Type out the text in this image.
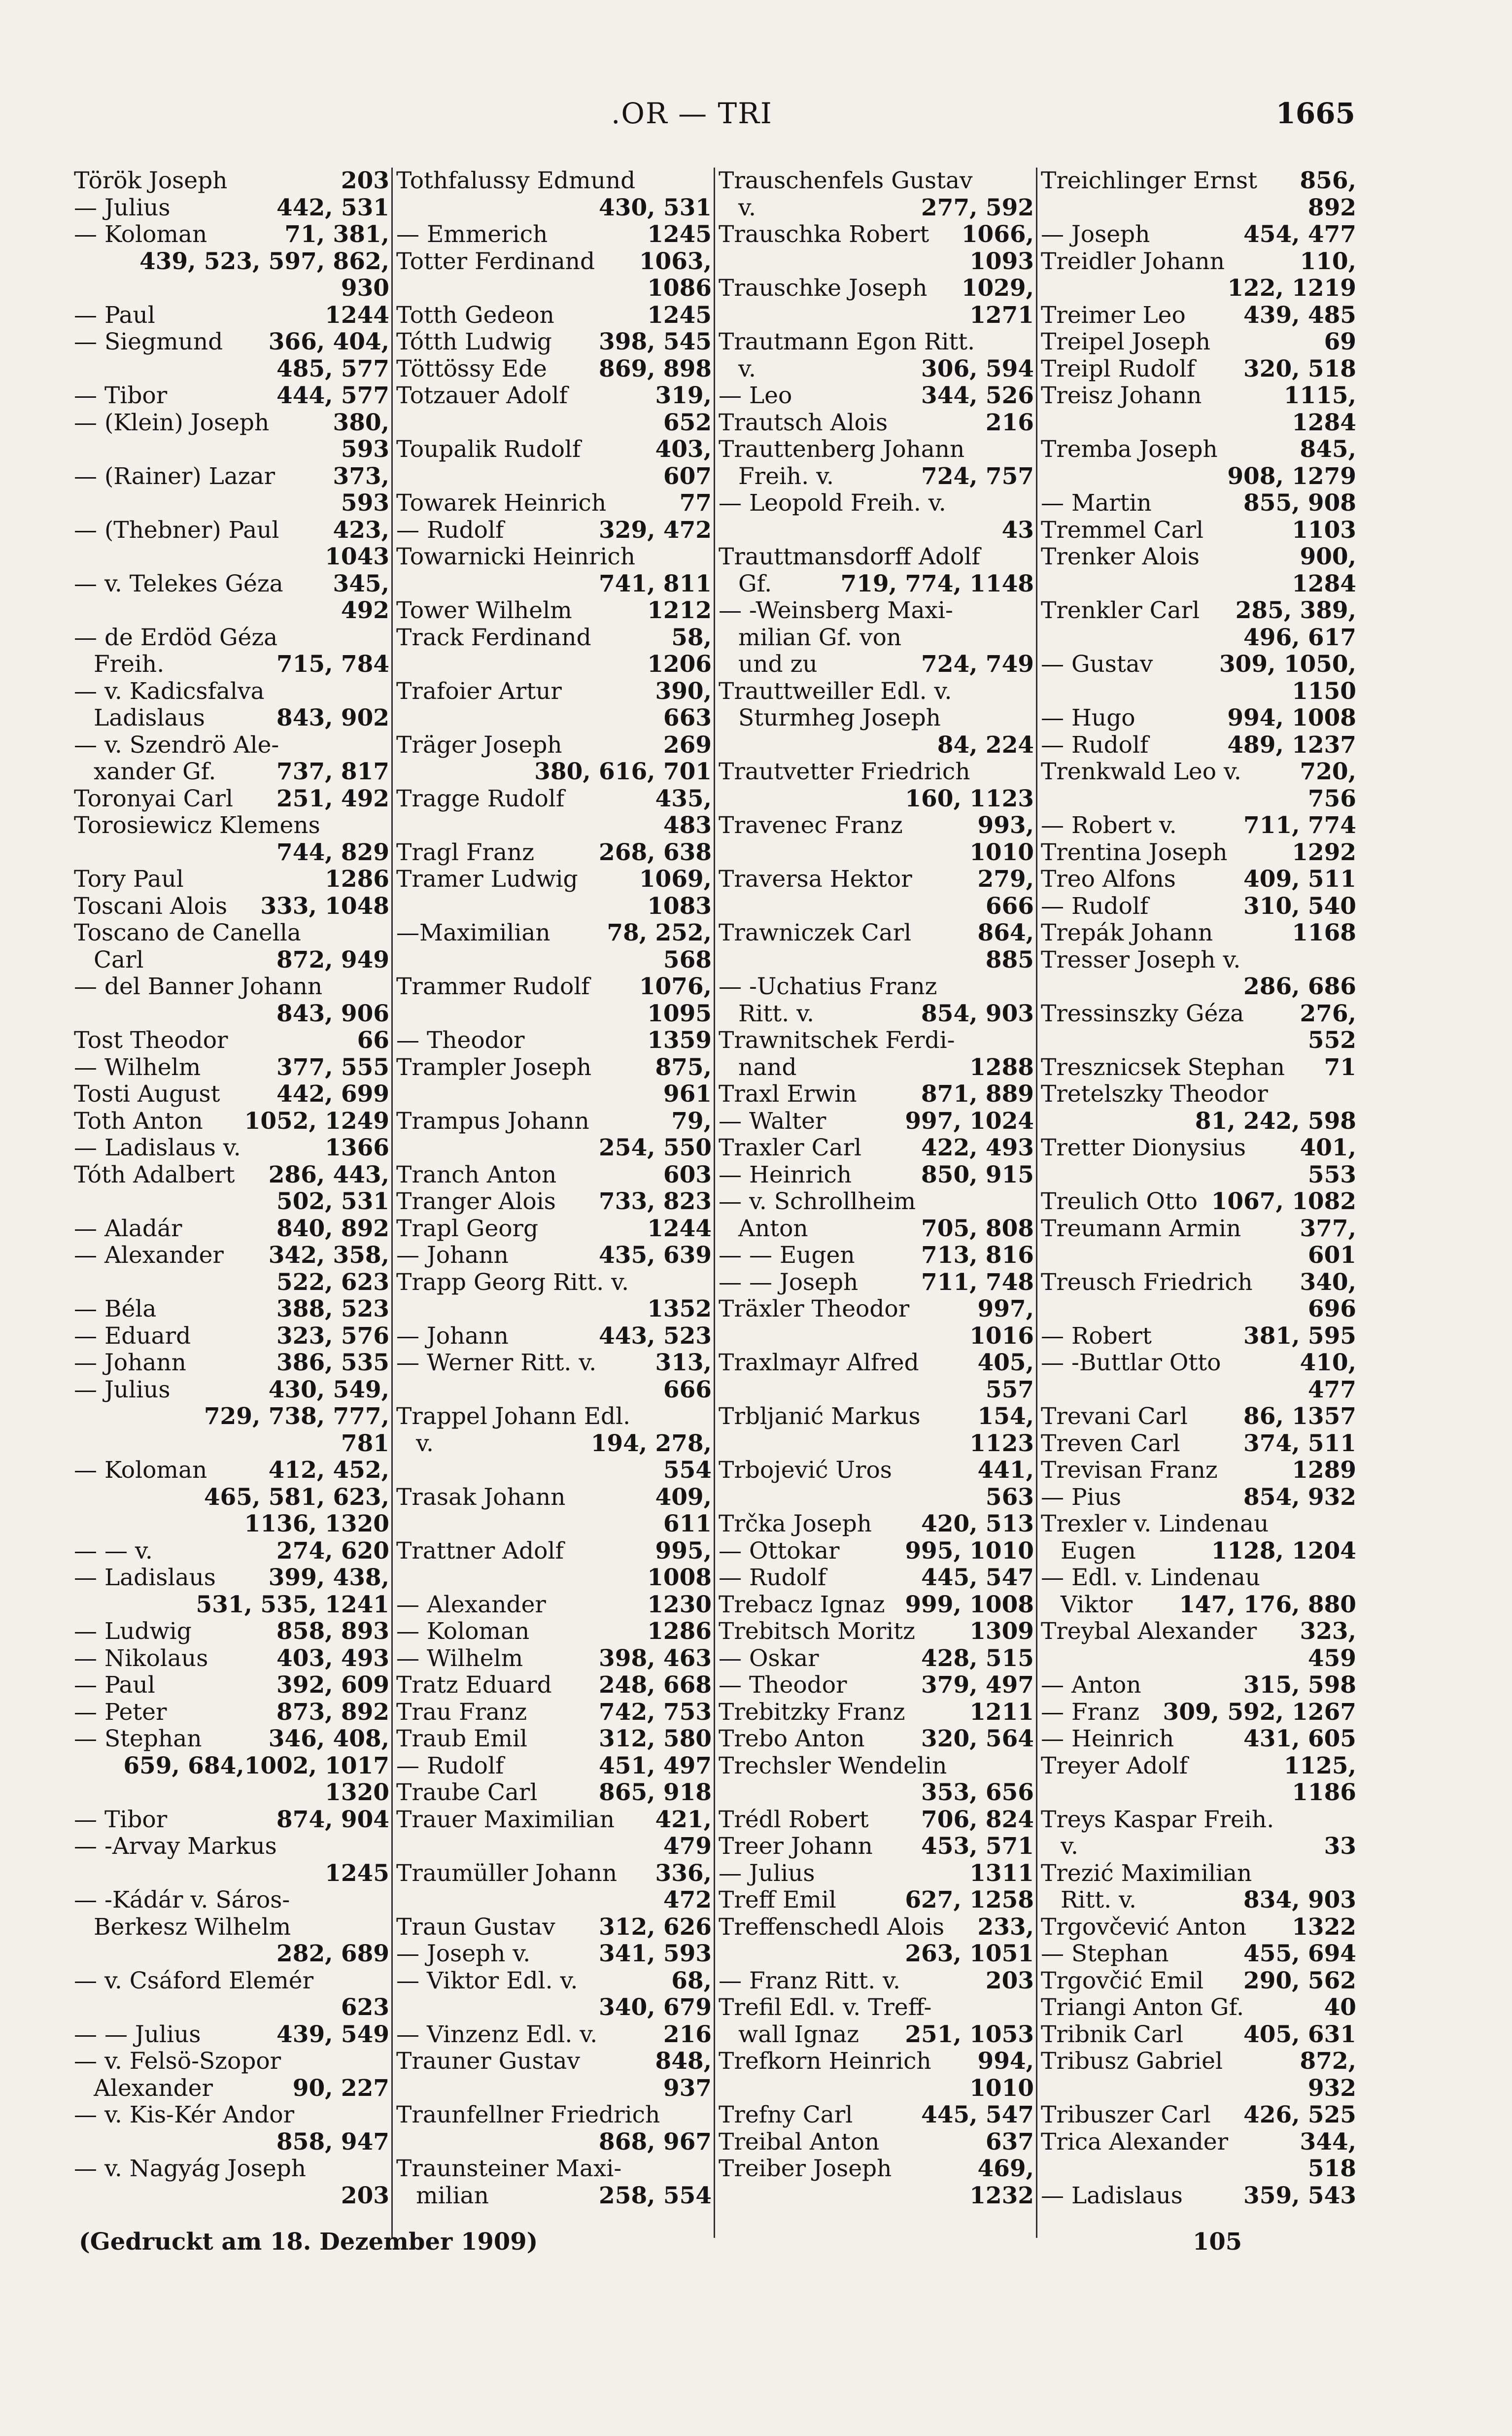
.OR — TRI	1665
Török Joseph	203
— Julius	442, 531
— Koloman	71, 381,
439, 523, 597, 862,
930
— Paul	1244
— Siegmund 366, 404,
485, 577
— Tibor	444, 577
— (Klein) Joseph	380,
593
— (Rainer) Lazar 373,
593
— (Thebner) Paul 423,
1043
— v. Telekes Géza 345,
492
— de Erdöd Géza
Freih.	715, 784
— v. Kadicsfalva
Ladislaus	843, 902
— v. Szendrö Ale-
xander Gf.	737, 817
Toronyai Carl 251, 492
Torosiewicz Klemens
744, 829
Tory Paul	1286
Toscani Alois 333, 1048
Toscano de Canella
Carl	872, 949
— del Banner Johann
843, 906
Tost Theodor	66
— Wilhelm	377, 555
Tosti August 442, 699
Toth Anton 1052, 1249
— Ladislaus v.	1366
Tóth Adalbert 286, 443,
502, 531
— Aladár	840, 892
— Alexander 342, 358,
522, 623
— Béla	388, 523
— Eduard	323, 576
— Johann	386, 535
— Julius	430, 549,
729, 738, 777,
781
— Koloman	412, 452,
465, 581, 623,
1136, 1320
— — v.	274, 620
— Ladislaus 399, 438,
531, 535, 1241
— Ludwig	858, 893
— Nikolaus	403, 493
— Paul	392, 609
— Peter	873, 892
— Stephan	346, 408,
659, 684,1002, 1017
1320
— Tibor	874, 904
— -Arvay Markus
1245
— -Kádár v. Sáros-
Berkesz Wilhelm
282, 689
— v. Csáford Elemér
623
— — Julius	439, 549
— v. Felsö-Szopor
Alexander	90, 227
— v. Kis-Kér Andor
858, 947
— v. Nagyág Joseph
203
Tothfalussy Edmund
430, 531
— Emmerich	1245
Totter Ferdinand 1063,
1086
Totth Gedeon	1245
Tótth Ludwig 398, 545
Töttössy Ede 869, 898
Totzauer Adolf	319,
652
Toupalik Rudolf	403,
607
Towarek Heinrich	77
— Rudolf	329, 472
Towarnicki Heinrich
741, 811
Tower Wilhelm	1212
Track Ferdinand	58,
1206
Trafoier Artur	390,
663
Träger Joseph	269
380, 616, 701
Tragge Rudolf	435,
483
Tragl Franz	268, 638
Tramer Ludwig	1069,
1083
—Maximilian 78, 252,
568
Trammer Rudolf 1076,
1095
— Theodor	1359
Trampler Joseph	875,
961
Trampus Johann	79,
254, 550
Tranch Anton	603
Tranger Alois 733, 823
Trapl Georg	1244
— Johann	435, 639
Trapp Georg Ritt. v.
1352
— Johann	443, 523
— Werner Ritt. v.	313,
666
Trappel Johann Edl.
v.	194, 278,
554
Trasak Johann	409,
611
Trattner Adolf	995,
1008
— Alexander	1230
— Koloman	1286
— Wilhelm	398, 463
Tratz Eduard 248, 668
Trau Franz	742, 753
Traub Emil	312, 580
— Rudolf	451, 497
Traube Carl	865, 918
Trauer Maximilian 421,
479
Traumüller Johann 336,
472
Traun Gustav 312, 626
— Joseph v.	341, 593
— Viktor Edl. v.	68,
340, 679
— Vinzenz Edl. v.	216
Trauner Gustav	848,
937
Traunfellner Friedrich
868, 967
Traunsteiner Maxi-
milian	258, 554
Trauschenfels Gustav
v.	277, 592
Trauschka Robert 1066,
1093
Trauschke Joseph 1029,
1271
Trautmann Egon Ritt.
v.	306, 594
— Leo	344, 526
Trautsch Alois	216
Trauttenberg Johann
Freih. v.	724, 757
— Leopold Freih. v.
43
Trauttmansdorff Adolf
Gf.	719, 774, 1148
— -Weinsberg Maxi-
milian Gf. von
und zu	724, 749
Trauttweiller Edl. v.
Sturmheg Joseph
84, 224
Trautvetter Friedrich
160, 1123
Travenec Franz	993,
1010
Traversa Hektor	279,
666
Trawniczek Carl	864,
885
— -Uchatius Franz
Ritt. v.	854, 903
Trawnitschek Ferdi-
nand	1288
Traxl Erwin	871, 889
— Walter	997, 1024
Traxler Carl	422, 493
— Heinrich	850, 915
— v. Schrollheim
Anton	705, 808
— — Eugen	713, 816
— — Joseph	711, 748
Träxler Theodor	997,
1016
Traxlmayr Alfred	405,
557
Trbljanić Markus 154,
1123
Trbojević Uros	441,
563
Trčka Joseph 420, 513
— Ottokar	995, 1010
— Rudolf	445, 547
Trebacz Ignaz 999, 1008
Trebitsch Moritz 1309
— Oskar	428, 515
— Theodor	379, 497
Trebitzky Franz	1211
Trebo Anton 320, 564
Trechsler Wendelin
353, 656
Trédl Robert 706, 824
Treer Johann 453, 571
— Julius	1311
Treff Emil	627, 1258
Treffenschedl Alois 233,
263, 1051
— Franz Ritt. v.	203
Trefil Edl. v. Treff-
wall Ignaz 251, 1053
Trefkorn Heinrich 994,
1010
Trefny Carl	445, 547
Treibal Anton	637
Treiber Joseph	469,
1232
Treichlinger Ernst 856,
892
— Joseph	454, 477
Treidler Johann	110,
122, 1219
Treimer Leo 439, 485
Treipel Joseph	69
Treipl Rudolf 320, 518
Treisz Johann	1115,
1284
Tremba Joseph	845,
908, 1279
— Martin	855, 908
Tremmel Carl	1103
Trenker Alois	900,
1284
Trenkler Carl 285, 389,
496, 617
— Gustav	309, 1050,
1150
— Hugo	994, 1008
— Rudolf	489, 1237
Trenkwald Leo v.	720,
756
— Robert v.	711, 774
Trentina Joseph	1292
Treo Alfons	409, 511
— Rudolf	310, 540
Trepák Johann	1168
Tresser Joseph v.
286, 686
Tressinszky Géza 276,
552
Tresznicsek Stephan 71
Tretelszky Theodor
81, 242, 598
Tretter Dionysius 401,
553
Treulich Otto 1067, 1082
Treumann Armin	377,
601
Treusch Friedrich 340,
696
— Robert	381, 595
— -Buttlar Otto	410,
477
Trevani Carl 86, 1357
Treven Carl	374, 511
Trevisan Franz	1289
— Pius	854, 932
Trexler v. Lindenau
Eugen	1128, 1204
— Edl. v. Lindenau
Viktor 147, 176, 880
Treybal Alexander 323,
459
— Anton	315, 598
— Franz 309, 592, 1267
— Heinrich	431, 605
Treyer Adolf	1125,
1186
Treys Kaspar Freih.
v.	33
Trezić Maximilian
Ritt. v.	834, 903
Trgovčević Anton 1322
— Stephan	455, 694
Trgovčić Emil 290, 562
Triangi Anton Gf.	40
Tribnik Carl	405, 631
Tribusz Gabriel	872,
932
Tribuszer Carl 426, 525
Trica Alexander	344,
518
— Ladislaus	359, 543
(Gedruckt am 18. Dezember 1909)	105
